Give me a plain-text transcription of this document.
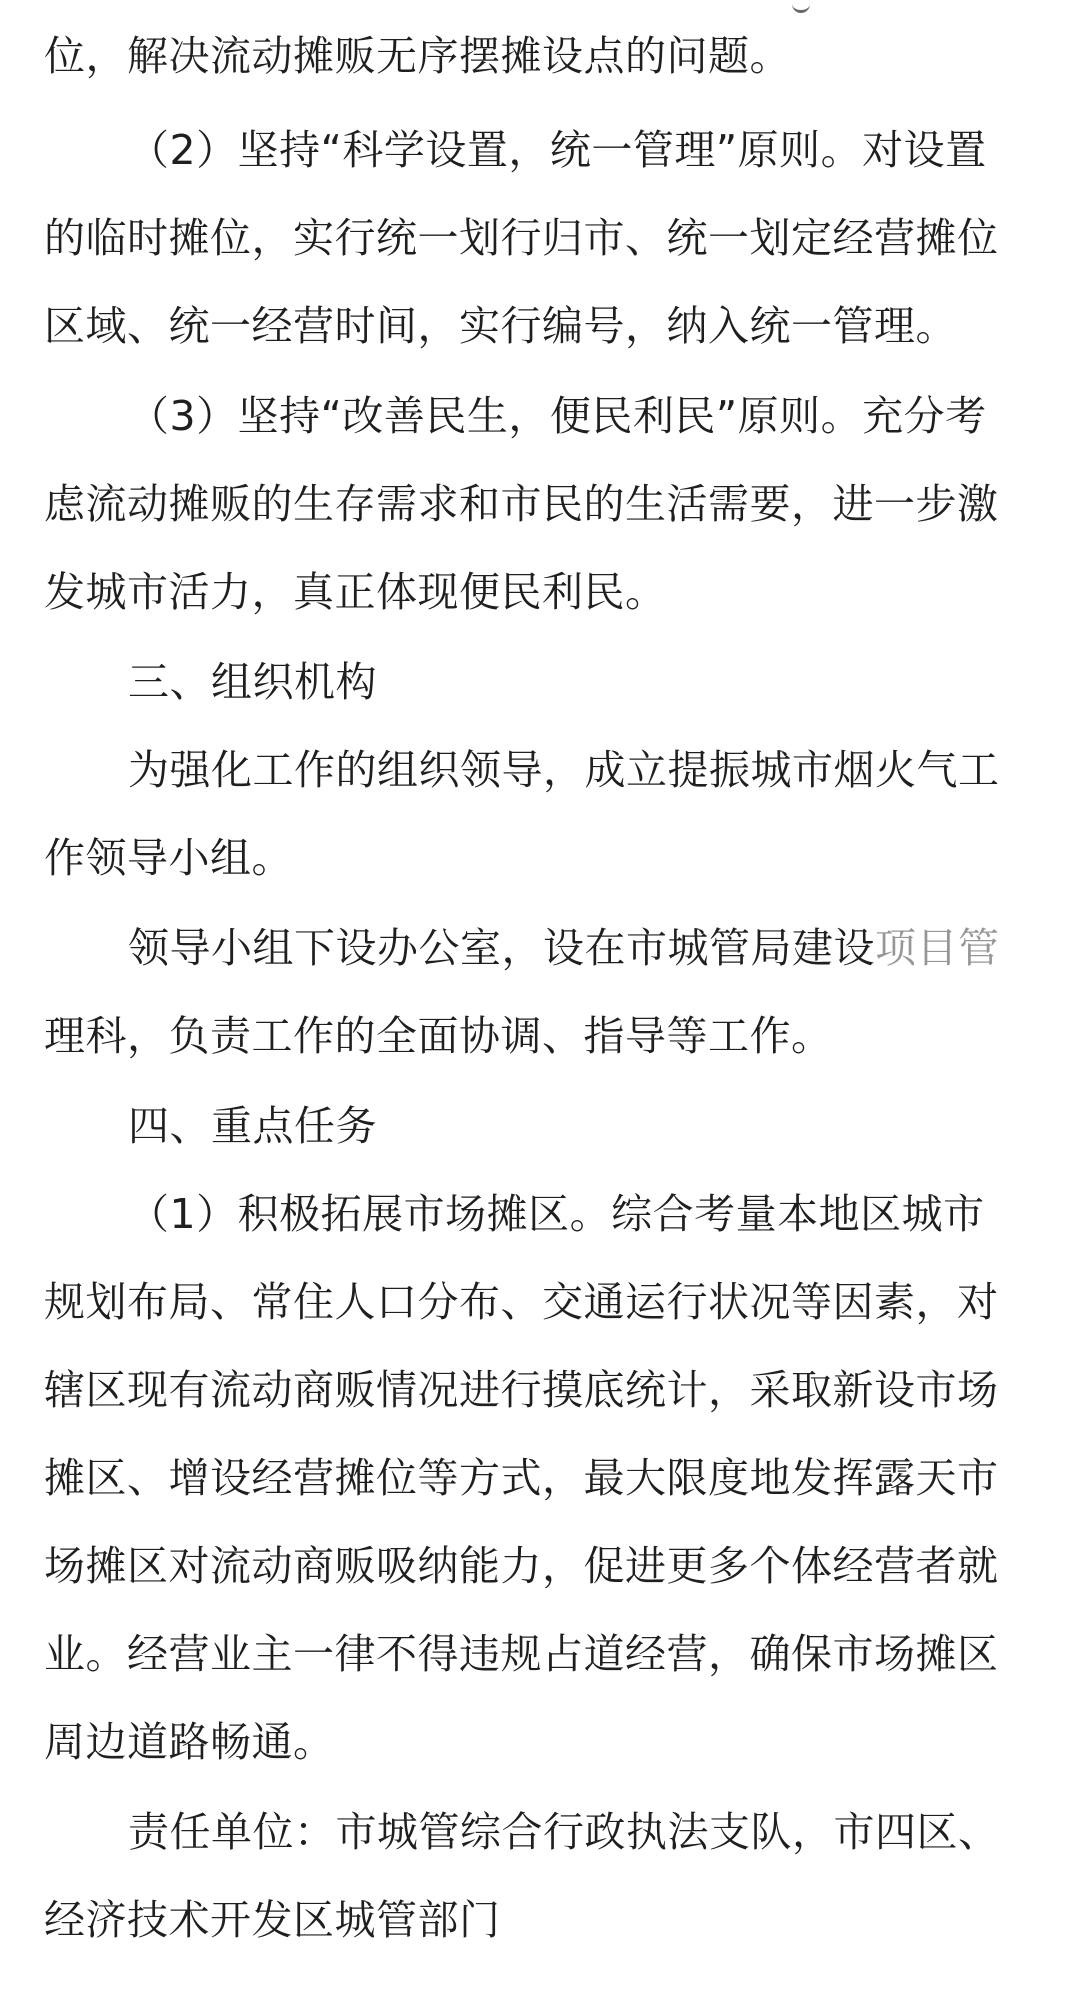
位，解决流动摊贩无序摆摊设点的问题。
（2）坚持“科学设置，统一管理”原则。对设置
的临时摊位，实行统一划行归市、统一划定经营摊位
区域、统一经营时间，实行编号，纳入统一管理。
（3）坚持“改善民生，便民利民”原则。充分考
虑流动摊贩的生存需求和市民的生活需要，进一步激
发城市活力，真正体现便民利民。
三、组织机构
为强化工作的组织领导，成立提振城市烟火气工
作领导小组。
领导小组下设办公室，设在市城管局建设项目管
理科，负责工作的全面协调、指导等工作。
四、重点任务
（1）积极拓展市场摊区。综合考量本地区城市
规划布局、常住人口分布、交通运行状况等因素，对
辖区现有流动商贩情况进行摸底统计，采取新设市场
摊区、增设经营摊位等方式，最大限度地发挥露天市
场摊区对流动商贩吸纳能力，促进更多个体经营者就
业。经营业主一律不得违规占道经营，确保市场摊区
周边道路畅通。
责任单位：市城管综合行政执法支队，市四区、
经济技术开发区城管部门
